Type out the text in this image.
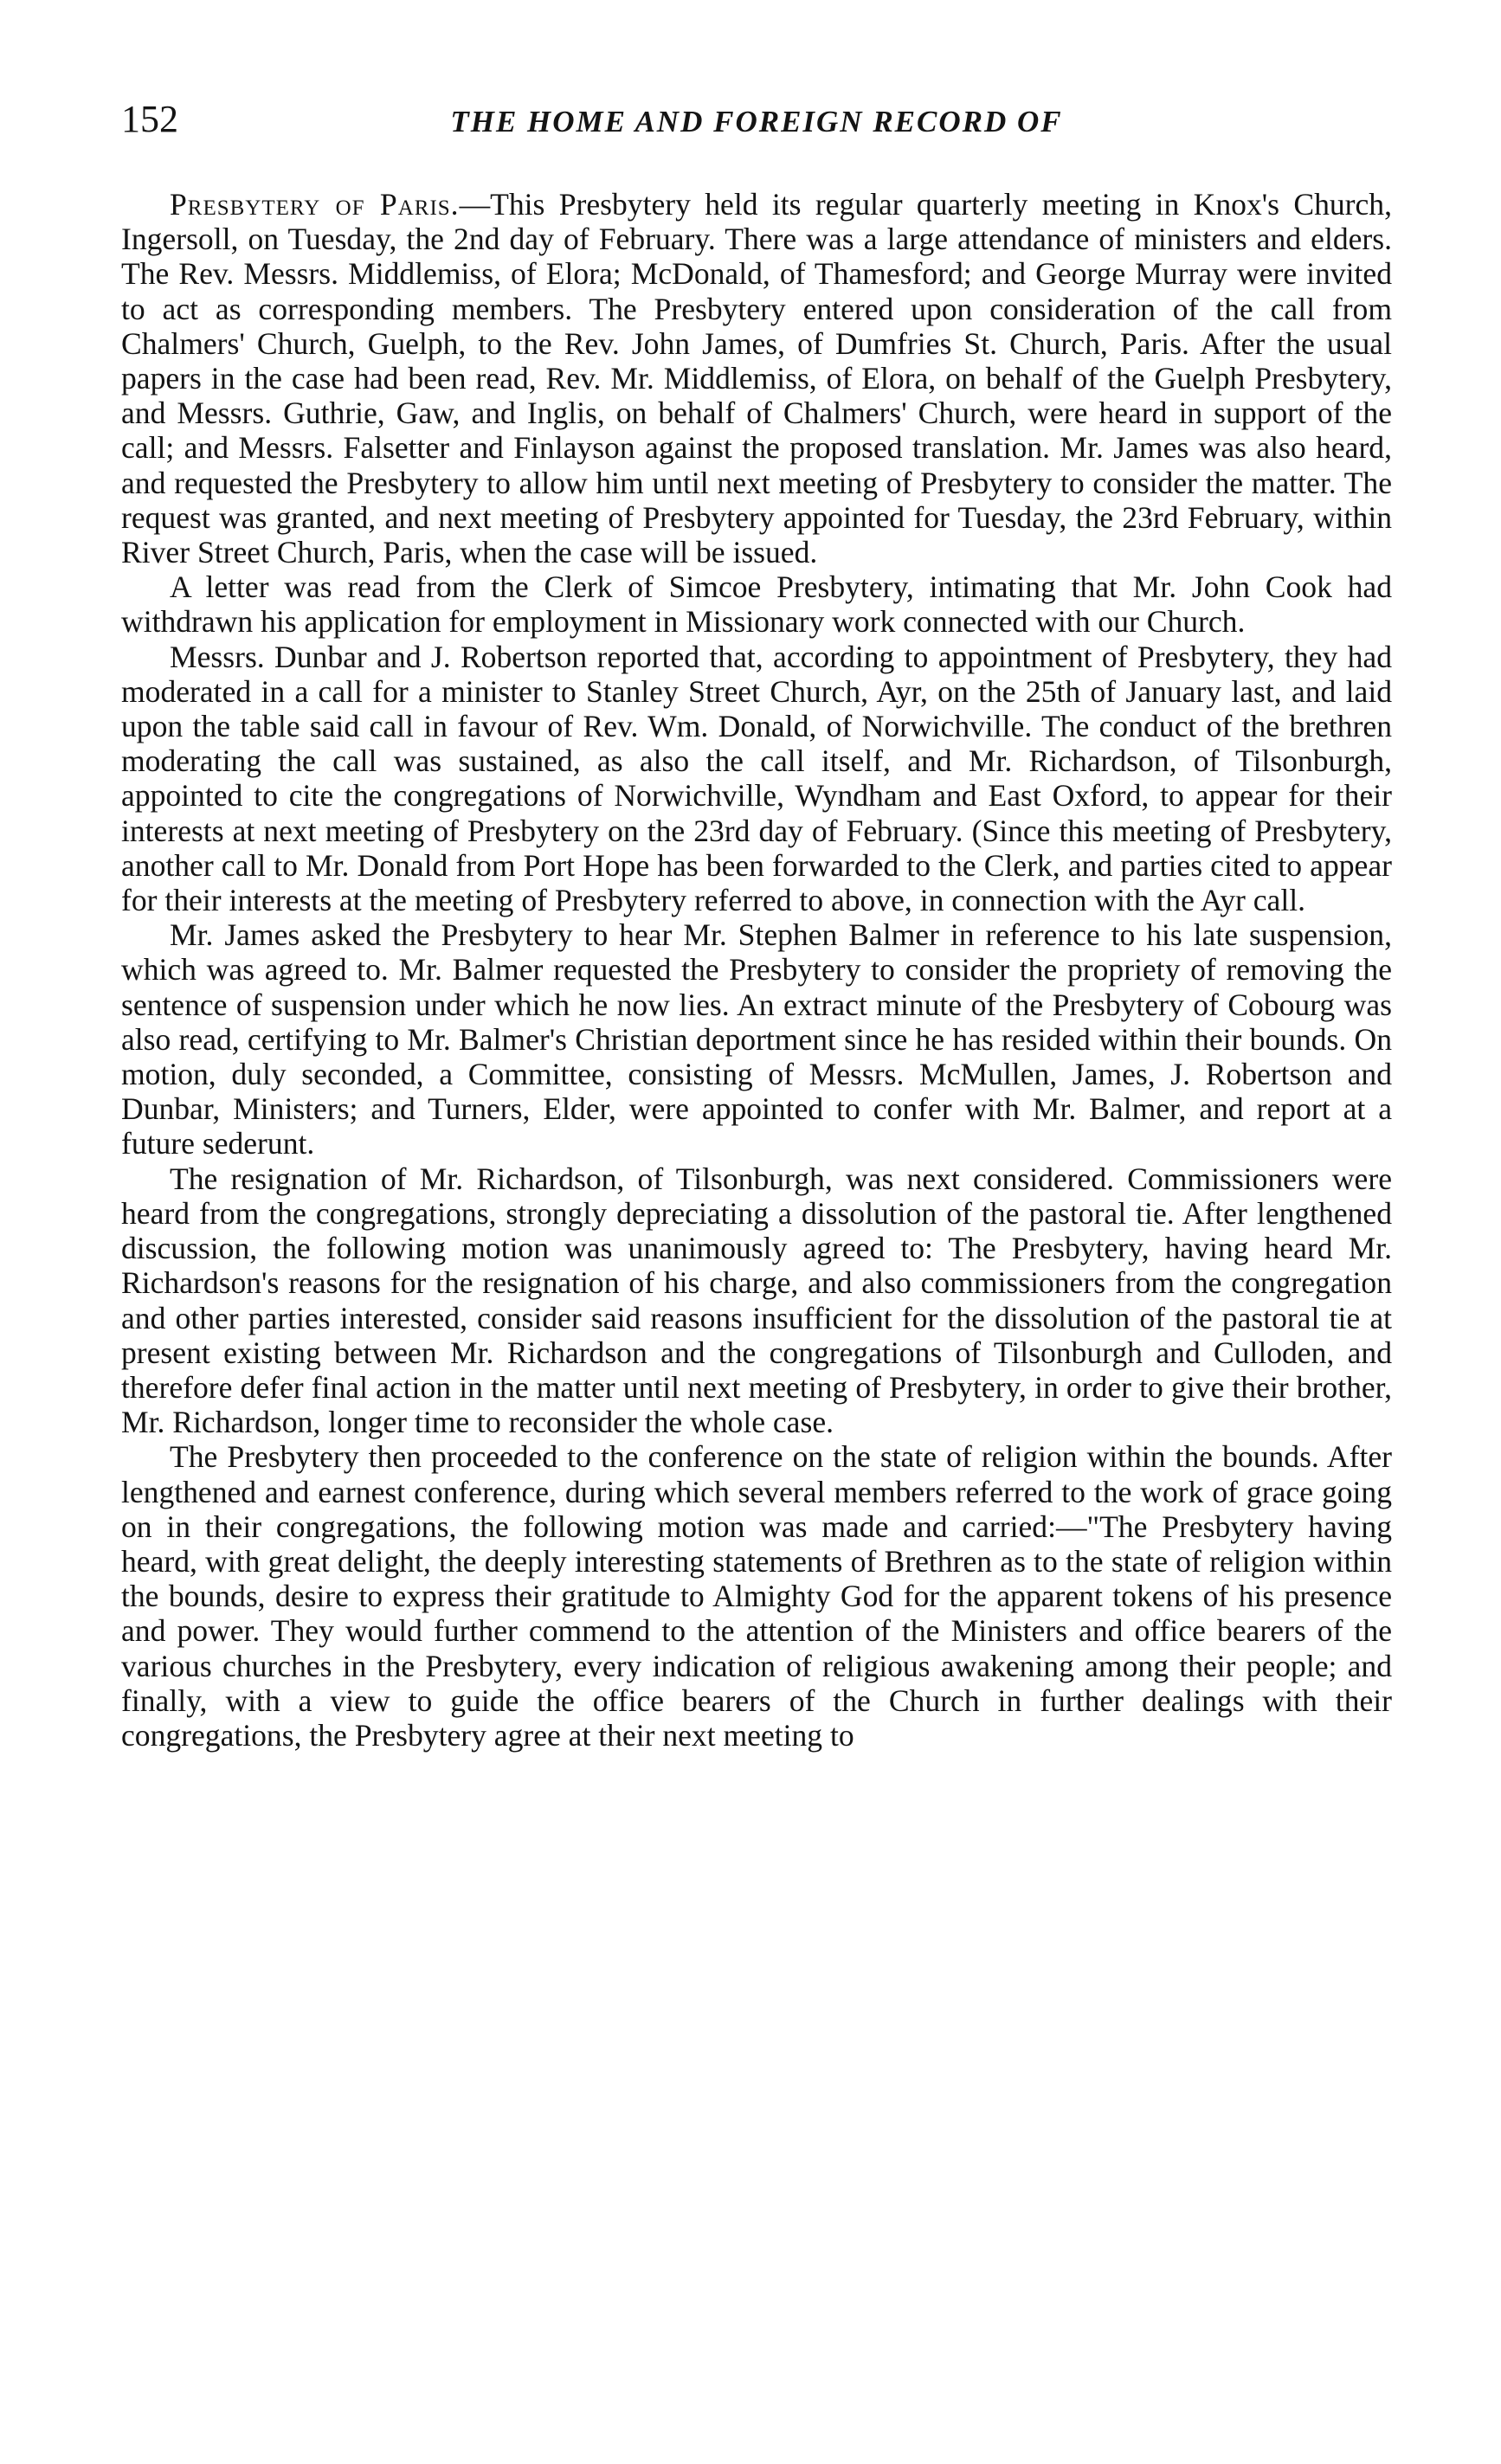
152	THE HOME AND FOREIGN RECORD OF

Presbytery of Paris.—This Presbytery held its regular quarterly meeting in Knox's Church, Ingersoll, on Tuesday, the 2nd day of February. There was a large attendance of ministers and elders. The Rev. Messrs. Middlemiss, of Elora; McDonald, of Thamesford; and George Murray were invited to act as corresponding members. The Presbytery entered upon consideration of the call from Chalmers' Church, Guelph, to the Rev. John James, of Dumfries St. Church, Paris. After the usual papers in the case had been read, Rev. Mr. Middlemiss, of Elora, on behalf of the Guelph Presbytery, and Messrs. Guthrie, Gaw, and Inglis, on behalf of Chalmers' Church, were heard in support of the call; and Messrs. Falsetter and Finlayson against the proposed translation. Mr. James was also heard, and requested the Presbytery to allow him until next meeting of Presbytery to consider the matter. The request was granted, and next meeting of Presbytery appointed for Tuesday, the 23rd February, within River Street Church, Paris, when the case will be issued.

A letter was read from the Clerk of Simcoe Presbytery, intimating that Mr. John Cook had withdrawn his application for employment in Missionary work connected with our Church.

Messrs. Dunbar and J. Robertson reported that, according to appointment of Presbytery, they had moderated in a call for a minister to Stanley Street Church, Ayr, on the 25th of January last, and laid upon the table said call in favour of Rev. Wm. Donald, of Norwichville. The conduct of the brethren moderating the call was sustained, as also the call itself, and Mr. Richardson, of Tilsonburgh, appointed to cite the congregations of Norwichville, Wyndham and East Oxford, to appear for their interests at next meeting of Presbytery on the 23rd day of February. (Since this meeting of Presbytery, another call to Mr. Donald from Port Hope has been forwarded to the Clerk, and parties cited to appear for their interests at the meeting of Presbytery referred to above, in connection with the Ayr call.

Mr. James asked the Presbytery to hear Mr. Stephen Balmer in reference to his late suspension, which was agreed to. Mr. Balmer requested the Presbytery to consider the propriety of removing the sentence of suspension under which he now lies. An extract minute of the Presbytery of Cobourg was also read, certifying to Mr. Balmer's Christian deportment since he has resided within their bounds. On motion, duly seconded, a Committee, consisting of Messrs. McMullen, James, J. Robertson and Dunbar, Ministers; and Turners, Elder, were appointed to confer with Mr. Balmer, and report at a future sederunt.

The resignation of Mr. Richardson, of Tilsonburgh, was next considered. Commissioners were heard from the congregations, strongly depreciating a dissolution of the pastoral tie. After lengthened discussion, the following motion was unanimously agreed to: The Presbytery, having heard Mr. Richardson's reasons for the resignation of his charge, and also commissioners from the congregation and other parties interested, consider said reasons insufficient for the dissolution of the pastoral tie at present existing between Mr. Richardson and the congregations of Tilsonburgh and Culloden, and therefore defer final action in the matter until next meeting of Presbytery, in order to give their brother, Mr. Richardson, longer time to reconsider the whole case.

The Presbytery then proceeded to the conference on the state of religion within the bounds. After lengthened and earnest conference, during which several members referred to the work of grace going on in their congregations, the following motion was made and carried:—"The Presbytery having heard, with great delight, the deeply interesting statements of Brethren as to the state of religion within the bounds, desire to express their gratitude to Almighty God for the apparent tokens of his presence and power. They would further commend to the attention of the Ministers and office bearers of the various churches in the Presbytery, every indication of religious awakening among their people; and finally, with a view to guide the office bearers of the Church in further dealings with their congregations, the Presbytery agree at their next meeting to
